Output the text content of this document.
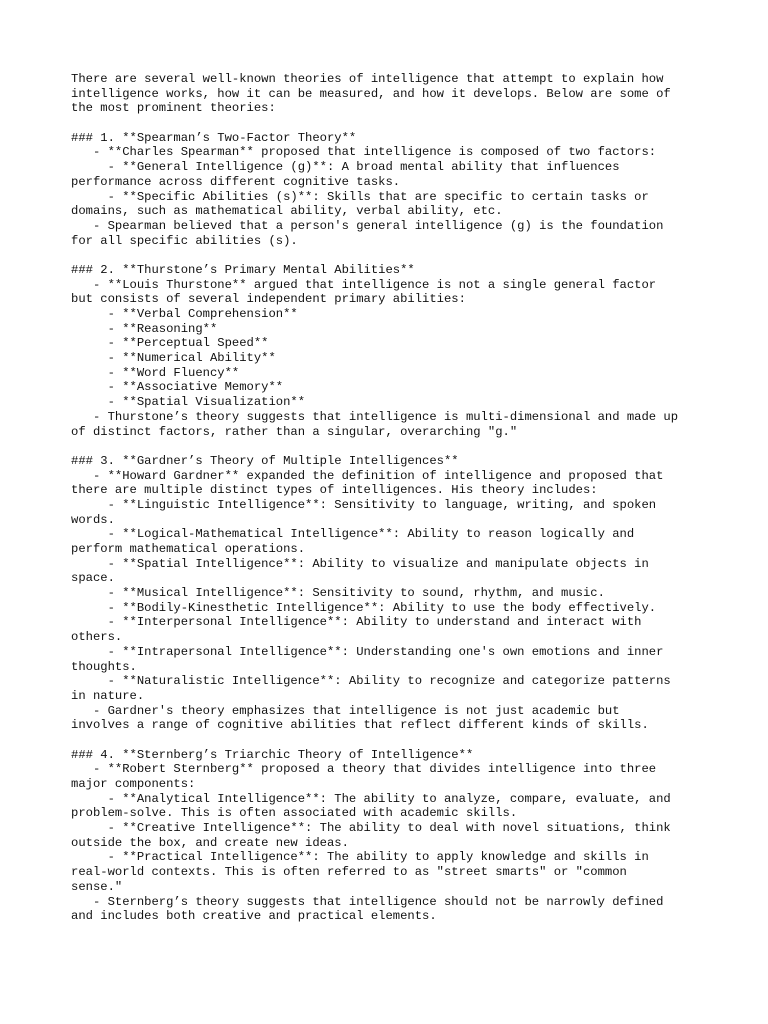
There are several well-known theories of intelligence that attempt to explain how
intelligence works, how it can be measured, and how it develops. Below are some of
the most prominent theories:
### 1. **Spearman’s Two-Factor Theory**
- **Charles Spearman** proposed that intelligence is composed of two factors:
- **General Intelligence (g)**: A broad mental ability that influences
performance across different cognitive tasks.
- **Specific Abilities (s)**: Skills that are specific to certain tasks or
domains, such as mathematical ability, verbal ability, etc.
- Spearman believed that a person's general intelligence (g) is the foundation
for all specific abilities (s).
### 2. **Thurstone’s Primary Mental Abilities**
- **Louis Thurstone** argued that intelligence is not a single general factor
but consists of several independent primary abilities:
- **Verbal Comprehension**
- **Reasoning**
- **Perceptual Speed**
- **Numerical Ability**
- **Word Fluency**
- **Associative Memory**
- **Spatial Visualization**
- Thurstone’s theory suggests that intelligence is multi-dimensional and made up
of distinct factors, rather than a singular, overarching "g."
### 3. **Gardner’s Theory of Multiple Intelligences**
- **Howard Gardner** expanded the definition of intelligence and proposed that
there are multiple distinct types of intelligences. His theory includes:
- **Linguistic Intelligence**: Sensitivity to language, writing, and spoken
words.
- **Logical-Mathematical Intelligence**: Ability to reason logically and
perform mathematical operations.
- **Spatial Intelligence**: Ability to visualize and manipulate objects in
space.
- **Musical Intelligence**: Sensitivity to sound, rhythm, and music.
- **Bodily-Kinesthetic Intelligence**: Ability to use the body effectively.
- **Interpersonal Intelligence**: Ability to understand and interact with
others.
- **Intrapersonal Intelligence**: Understanding one's own emotions and inner
thoughts.
- **Naturalistic Intelligence**: Ability to recognize and categorize patterns
in nature.
- Gardner's theory emphasizes that intelligence is not just academic but
involves a range of cognitive abilities that reflect different kinds of skills.
### 4. **Sternberg’s Triarchic Theory of Intelligence**
- **Robert Sternberg** proposed a theory that divides intelligence into three
major components:
- **Analytical Intelligence**: The ability to analyze, compare, evaluate, and
problem-solve. This is often associated with academic skills.
- **Creative Intelligence**: The ability to deal with novel situations, think
outside the box, and create new ideas.
- **Practical Intelligence**: The ability to apply knowledge and skills in
real-world contexts. This is often referred to as "street smarts" or "common
sense."
- Sternberg’s theory suggests that intelligence should not be narrowly defined
and includes both creative and practical elements.
